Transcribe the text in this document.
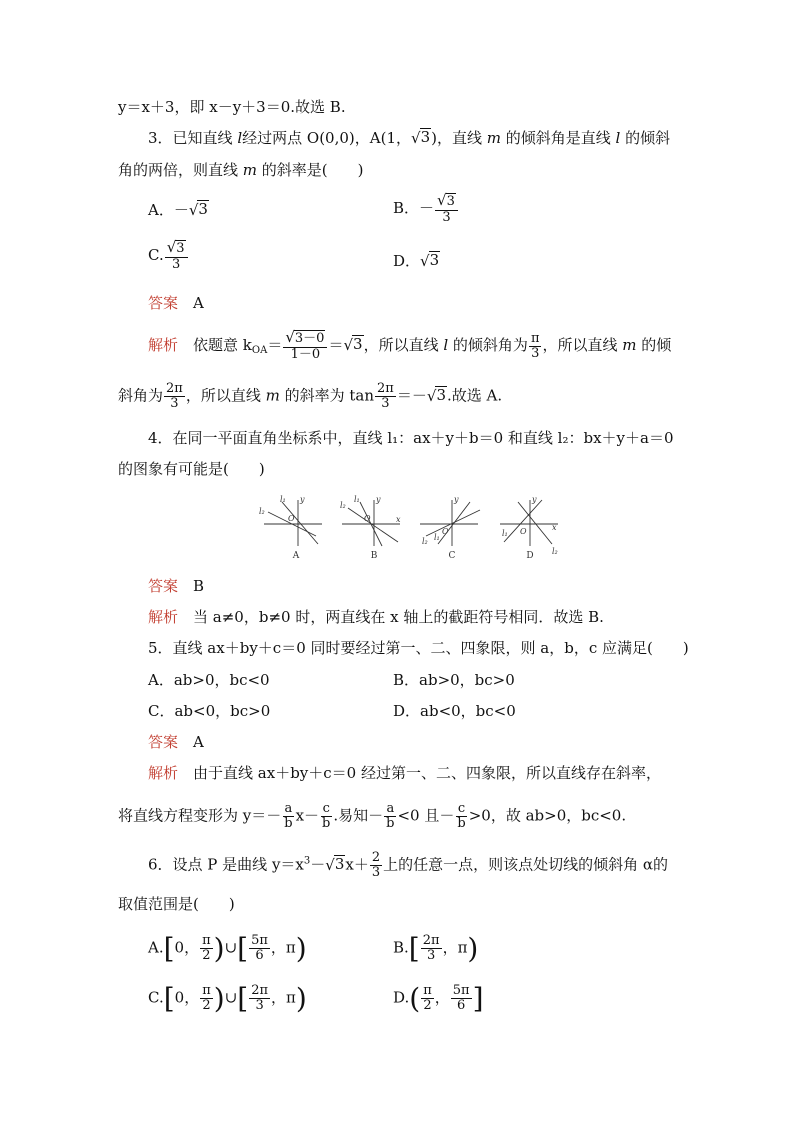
y＝x＋3，即 x－y＋3＝0.故选 B.
3．已知直线 l经过两点 O(0,0)，A(1， √ 3 )，直线 m 的倾斜角是直线 l 的倾斜
角的两倍，则直线 m 的斜率是(　　)
A．－ √ 3	B．－ $\frac{√ 3}{3}$
C. $\frac{√ 3}{3}$	D． √ 3
答案　 A
解析　 依题意 $k_{OA}= \frac{√ 3-0}{1-0}$ ＝ √ 3 ，所以直线 l 的倾斜角为 $\frac{\pi}{3}$ ，所以直线 m 的倾
斜角为 $\frac{2\pi}{3}$ ，所以直线 m 的斜率为 $\tan \frac{2\pi}{3}$ ＝－ √ 3 .故选 A.
4．在同一平面直角坐标系中，直线 l₁：ax＋y＋b＝0 和直线 l₂：bx＋y＋a＝0
的图象有可能是(　　)
l₁
l₂
y
O
l₁
l₂
y
O	x
y
l₂ l₁
O
y
l₁ O
l₂
x
A	B	C	D
答案　 B
解析　 当 a≠0，b≠0 时，两直线在 x 轴上的截距符号相同．故选 B.
5．直线 ax＋by＋c＝0 同时要经过第一、二、四象限，则 a，b，c 应满足(　　)
A．ab>0，bc<0	B．ab>0，bc>0
C．ab<0，bc>0	D．ab<0，bc<0
答案　 A
解析　 由于直线 ax＋by＋c＝0 经过第一、二、四象限，所以直线存在斜率，
将直线方程变形为 $y=- \frac{a}{b} x- \frac{c}{b}$ .易知－ $\frac{a}{b} <0$ 且－ $\frac{c}{b} >0$，故 ab>0，bc<0.
6．设点 P 是曲线 $y=x^3-$ √ 3 $x+ \frac{2}{3}$ 上的任意一点，则该点处切线的倾斜角 α的
取值范围是(　　)
A.[0， $\frac{\pi}{2}$ )∪[ $\frac{5\pi}{6}$ ，π)	$B.[ \frac{2\pi}{3}$ ，π)
C.[0， $\frac{\pi}{2}$ )∪[ $\frac{2\pi}{3}$ ，π)	$D.( \frac{\pi}{2}$ ， $\frac{5\pi}{6}$ ]
